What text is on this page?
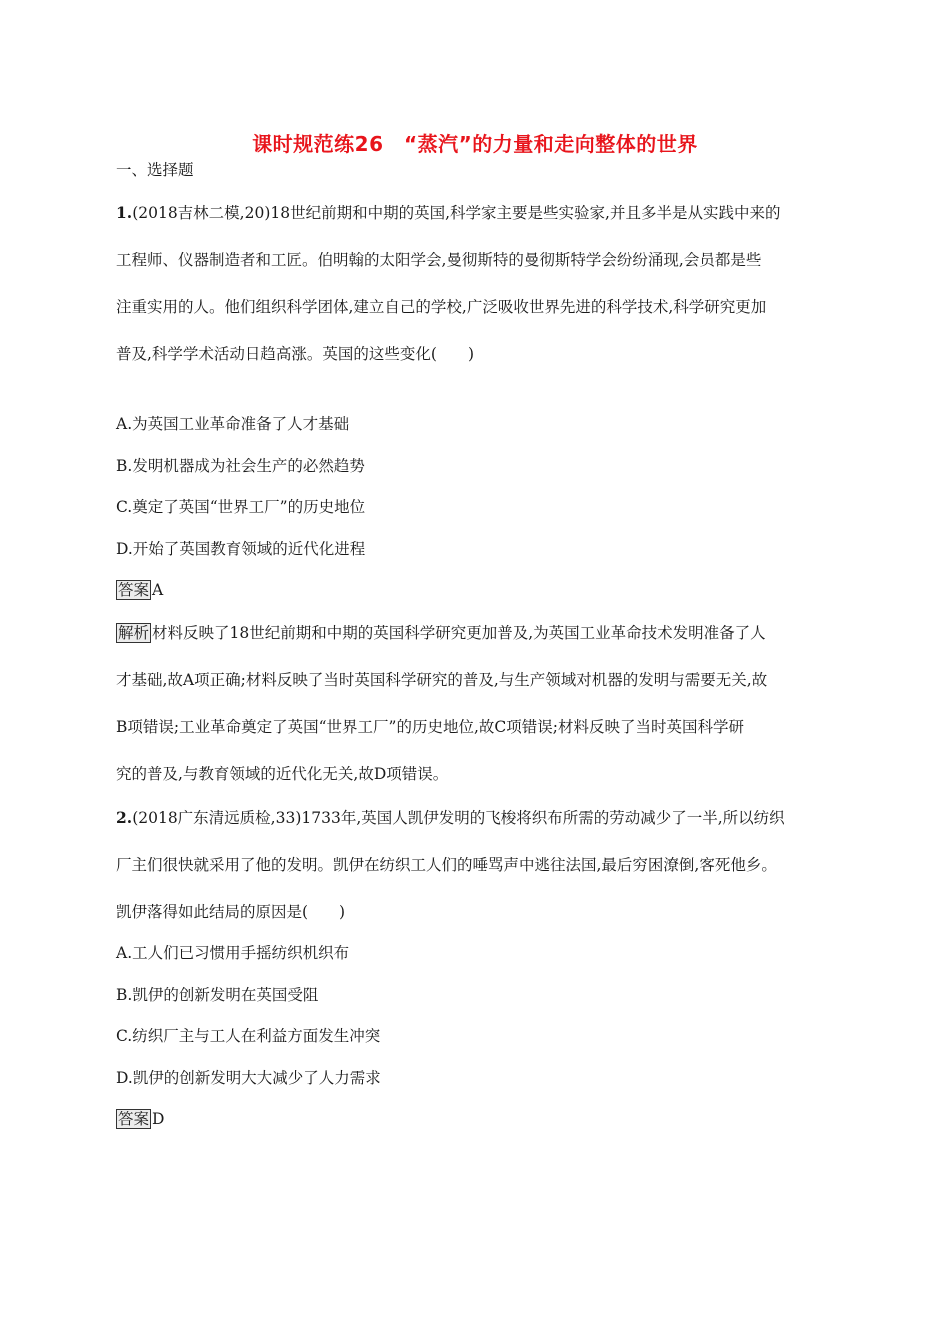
课时规范练26　“蒸汽”的力量和走向整体的世界
一、选择题
1.(2018吉林二模,20)18世纪前期和中期的英国,科学家主要是些实验家,并且多半是从实践中来的
工程师、仪器制造者和工匠。伯明翰的太阳学会,曼彻斯特的曼彻斯特学会纷纷涌现,会员都是些
注重实用的人。他们组织科学团体,建立自己的学校,广泛吸收世界先进的科学技术,科学研究更加
普及,科学学术活动日趋高涨。英国的这些变化(　　)
A.为英国工业革命准备了人才基础
B.发明机器成为社会生产的必然趋势
C.奠定了英国“世界工厂”的历史地位
D.开始了英国教育领域的近代化进程
答案 A
解析 材料反映了18世纪前期和中期的英国科学研究更加普及,为英国工业革命技术发明准备了人
才基础,故A项正确;材料反映了当时英国科学研究的普及,与生产领域对机器的发明与需要无关,故
B项错误;工业革命奠定了英国“世界工厂”的历史地位,故C项错误;材料反映了当时英国科学研
究的普及,与教育领域的近代化无关,故D项错误。
2.(2018广东清远质检,33)1733年,英国人凯伊发明的飞梭将织布所需的劳动减少了一半,所以纺织
厂主们很快就采用了他的发明。凯伊在纺织工人们的唾骂声中逃往法国,最后穷困潦倒,客死他乡。
凯伊落得如此结局的原因是(　　)
A.工人们已习惯用手摇纺织机织布
B.凯伊的创新发明在英国受阻
C.纺织厂主与工人在利益方面发生冲突
D.凯伊的创新发明大大减少了人力需求
答案 D
